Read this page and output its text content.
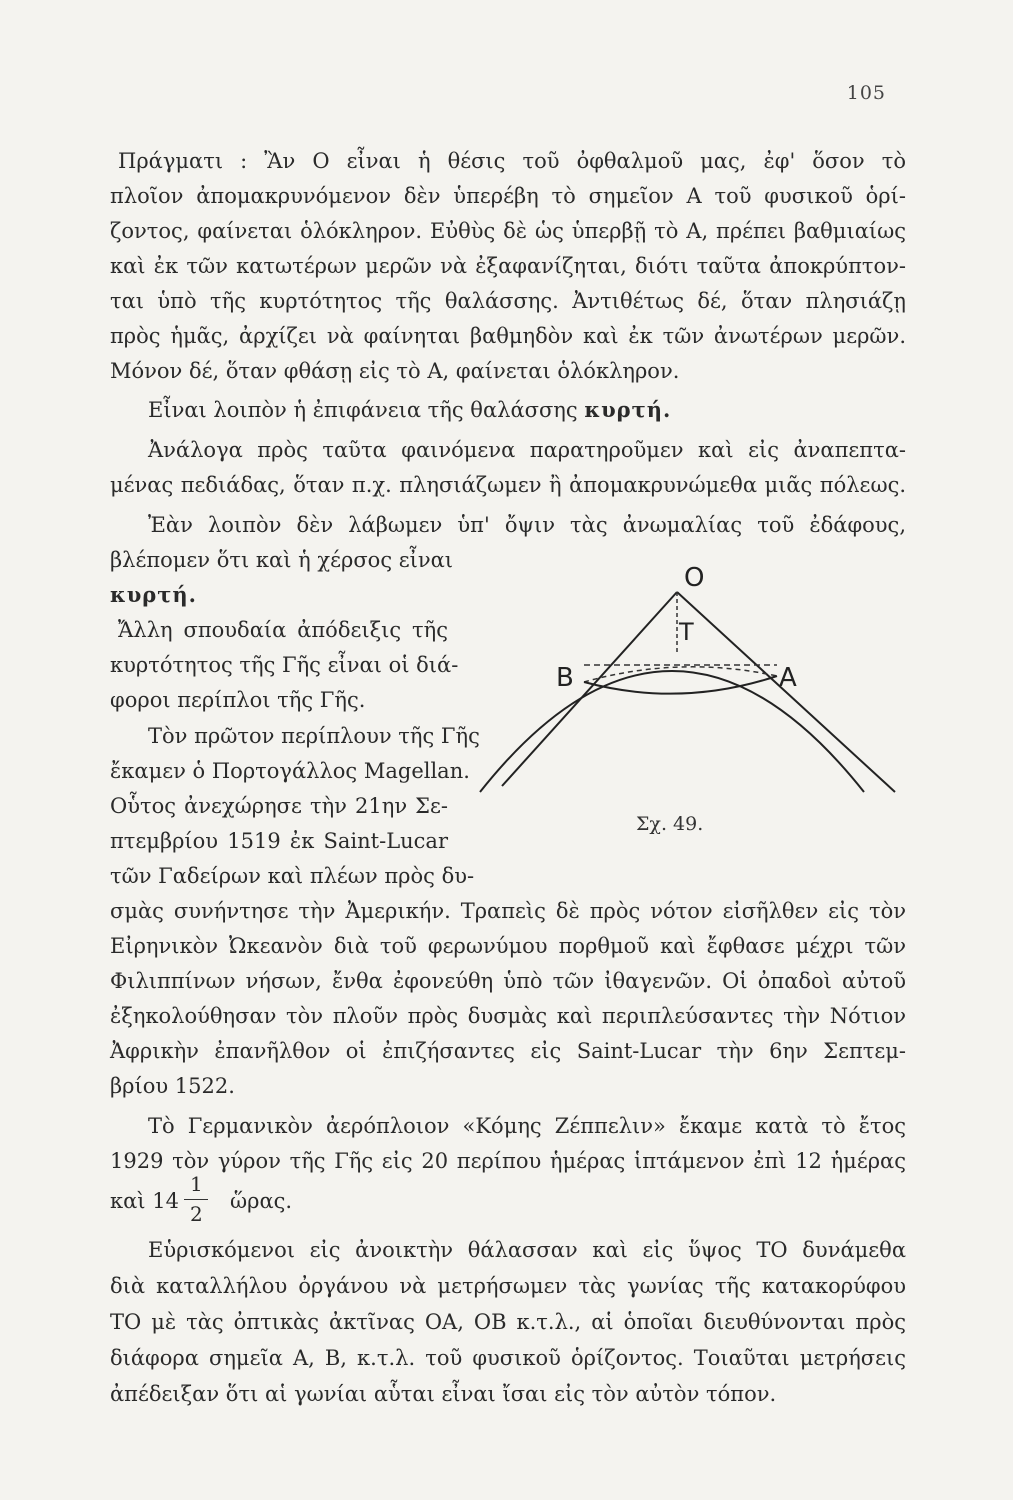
105
Πράγματι : Ἂν Ο εἶναι ἡ θέσις τοῦ ὀφθαλμοῦ μας, ἐφ' ὅσον τὸ
πλοῖον ἀπομακρυνόμενον δὲν ὑπερέβη τὸ σημεῖον Α τοῦ φυσικοῦ ὁρί-
ζοντος, φαίνεται ὁλόκληρον. Εὐθὺς δὲ ὡς ὑπερβῇ τὸ Α, πρέπει βαθμιαίως
καὶ ἐκ τῶν κατωτέρων μερῶν νὰ ἐξαφανίζηται, διότι ταῦτα ἀποκρύπτον-
ται ὑπὸ τῆς κυρτότητος τῆς θαλάσσης. Ἀντιθέτως δέ, ὅταν πλησιάζῃ
πρὸς ἡμᾶς, ἀρχίζει νὰ φαίνηται βαθμηδὸν καὶ ἐκ τῶν ἀνωτέρων μερῶν.
Μόνον δέ, ὅταν φθάσῃ εἰς τὸ Α, φαίνεται ὁλόκληρον.
Εἶναι λοιπὸν ἡ ἐπιφάνεια τῆς θαλάσσης κυρτή.
Ἀνάλογα πρὸς ταῦτα φαινόμενα παρατηροῦμεν καὶ εἰς ἀναπεπτα-
μένας πεδιάδας, ὅταν π.χ. πλησιάζωμεν ἢ ἀπομακρυνώμεθα μιᾶς πόλεως.
Ἐὰν λοιπὸν δὲν λάβωμεν ὑπ' ὄψιν τὰς ἀνωμαλίας τοῦ ἐδάφους,
βλέπομεν ὅτι καὶ ἡ χέρσος εἶναι
κυρτή.
Ἄλλη σπουδαία ἀπόδειξις τῆς
κυρτότητος τῆς Γῆς εἶναι οἱ διά-
φοροι περίπλοι τῆς Γῆς.
Τὸν πρῶτον περίπλουν τῆς Γῆς
ἔκαμεν ὁ Πορτογάλλος Magellan.
Οὗτος ἀνεχώρησε τὴν 21ην Σε-
πτεμβρίου 1519 ἐκ Saint-Lucar
τῶν Γαδείρων καὶ πλέων πρὸς δυ-
σμὰς συνήντησε τὴν Ἀμερικήν. Τραπεὶς δὲ πρὸς νότον εἰσῆλθεν εἰς τὸν
Εἰρηνικὸν Ὠκεανὸν διὰ τοῦ φερωνύμου πορθμοῦ καὶ ἔφθασε μέχρι τῶν
Φιλιππίνων νήσων, ἔνθα ἐφονεύθη ὑπὸ τῶν ἰθαγενῶν. Οἱ ὀπαδοὶ αὐτοῦ
ἐξηκολούθησαν τὸν πλοῦν πρὸς δυσμὰς καὶ περιπλεύσαντες τὴν Νότιον
Ἀφρικὴν ἐπανῆλθον οἱ ἐπιζήσαντες εἰς Saint-Lucar τὴν 6ην Σεπτεμ-
βρίου 1522.
Τὸ Γερμανικὸν ἀερόπλοιον «Κόμης Ζέππελιν» ἔκαμε κατὰ τὸ ἔτος
1929 τὸν γύρον τῆς Γῆς εἰς 20 περίπου ἡμέρας ἱπτάμενον ἐπὶ 12 ἡμέρας
καὶ 14
1
2
ὥρας.
Εὑρισκόμενοι εἰς ἀνοικτὴν θάλασσαν καὶ εἰς ὕψος ΤΟ δυνάμεθα
διὰ καταλλήλου ὀργάνου νὰ μετρήσωμεν τὰς γωνίας τῆς κατακορύφου
ΤΟ μὲ τὰς ὀπτικὰς ἀκτῖνας ΟΑ, ΟΒ κ.τ.λ., αἱ ὁποῖαι διευθύνονται πρὸς
διάφορα σημεῖα Α, Β, κ.τ.λ. τοῦ φυσικοῦ ὁρίζοντος. Τοιαῦται μετρήσεις
ἀπέδειξαν ὅτι αἱ γωνίαι αὗται εἶναι ἴσαι εἰς τὸν αὐτὸν τόπον.
O
T
B	A
Σχ. 49.
